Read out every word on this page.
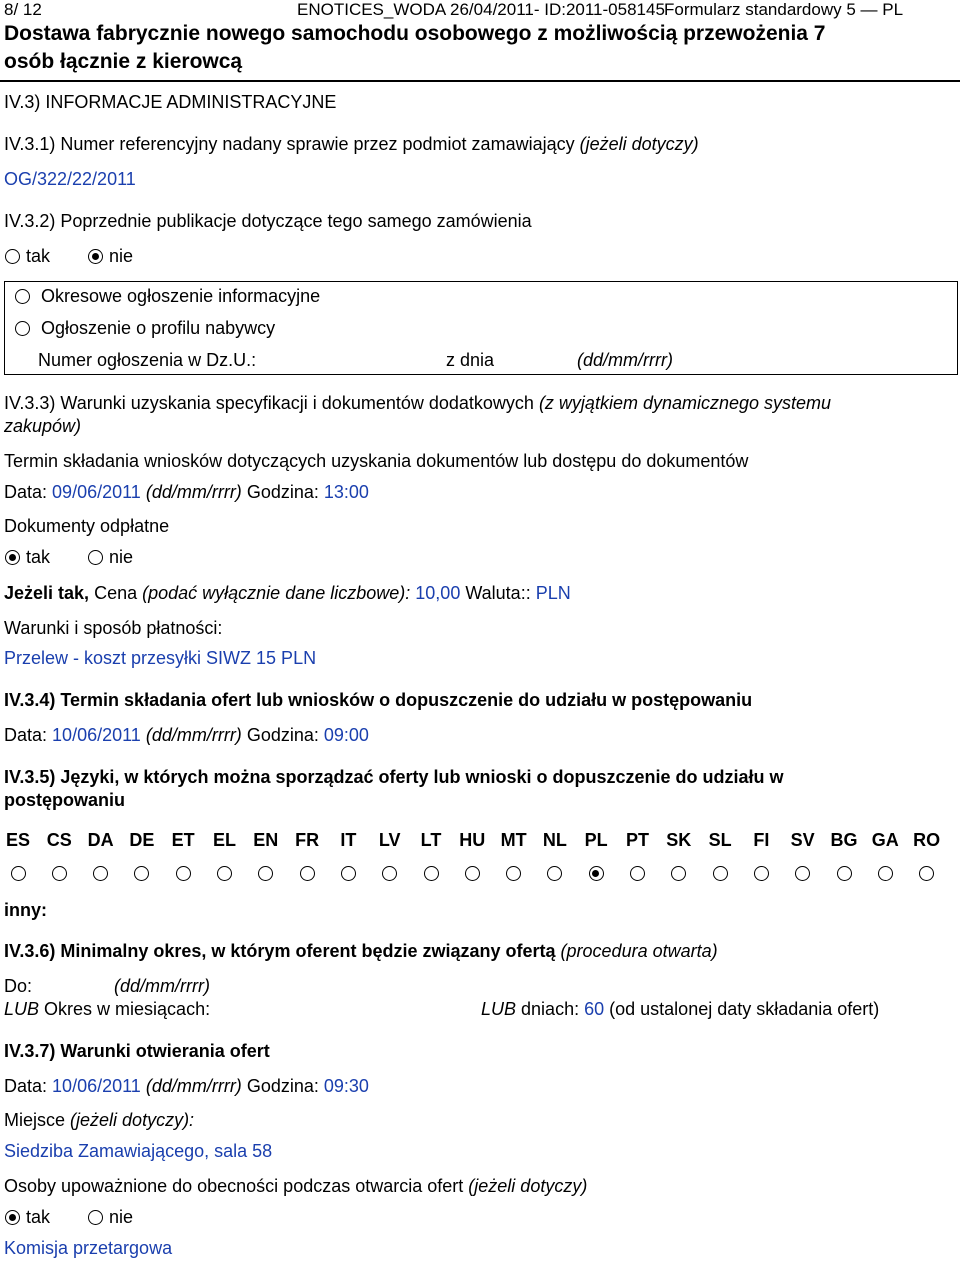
8/ 12	ENOTICES_WODA 26/04/2011- ID:2011-058145 Formularz standardowy 5 — PL
Dostawa fabrycznie nowego samochodu osobowego z możliwością przewożenia 7
osób łącznie z kierowcą
IV.3) INFORMACJE ADMINISTRACYJNE
IV.3.1) Numer referencyjny nadany sprawie przez podmiot zamawiający (jeżeli dotyczy)
OG/322/22/2011
IV.3.2) Poprzednie publikacje dotyczące tego samego zamówienia
tak	nie
Okresowe ogłoszenie informacyjne
Ogłoszenie o profilu nabywcy
Numer ogłoszenia w Dz.U.:	z dnia	(dd/mm/rrrr)
IV.3.3) Warunki uzyskania specyfikacji i dokumentów dodatkowych (z wyjątkiem dynamicznego systemu
zakupów)
Termin składania wniosków dotyczących uzyskania dokumentów lub dostępu do dokumentów
Data: 09/06/2011 (dd/mm/rrrr) Godzina: 13:00
Dokumenty odpłatne
tak	nie
Jeżeli tak, Cena (podać wyłącznie dane liczbowe): 10,00 Waluta:: PLN
Warunki i sposób płatności:
Przelew - koszt przesyłki SIWZ 15 PLN
IV.3.4) Termin składania ofert lub wniosków o dopuszczenie do udziału w postępowaniu
Data: 10/06/2011 (dd/mm/rrrr) Godzina: 09:00
IV.3.5) Języki, w których można sporządzać oferty lub wnioski o dopuszczenie do udziału w
postępowaniu
ES CS DA DE ET	EL EN FR	IT	LV	LT HU MT NL PL	PT SK SL	FI	SV BG GA RO
inny:
IV.3.6) Minimalny okres, w którym oferent będzie związany ofertą (procedura otwarta)
Do:	(dd/mm/rrrr)
LUB Okres w miesiącach:	LUB dniach: 60 (od ustalonej daty składania ofert)
IV.3.7) Warunki otwierania ofert
Data: 10/06/2011 (dd/mm/rrrr) Godzina: 09:30
Miejsce (jeżeli dotyczy):
Siedziba Zamawiającego, sala 58
Osoby upoważnione do obecności podczas otwarcia ofert (jeżeli dotyczy)
tak	nie
Komisja przetargowa
